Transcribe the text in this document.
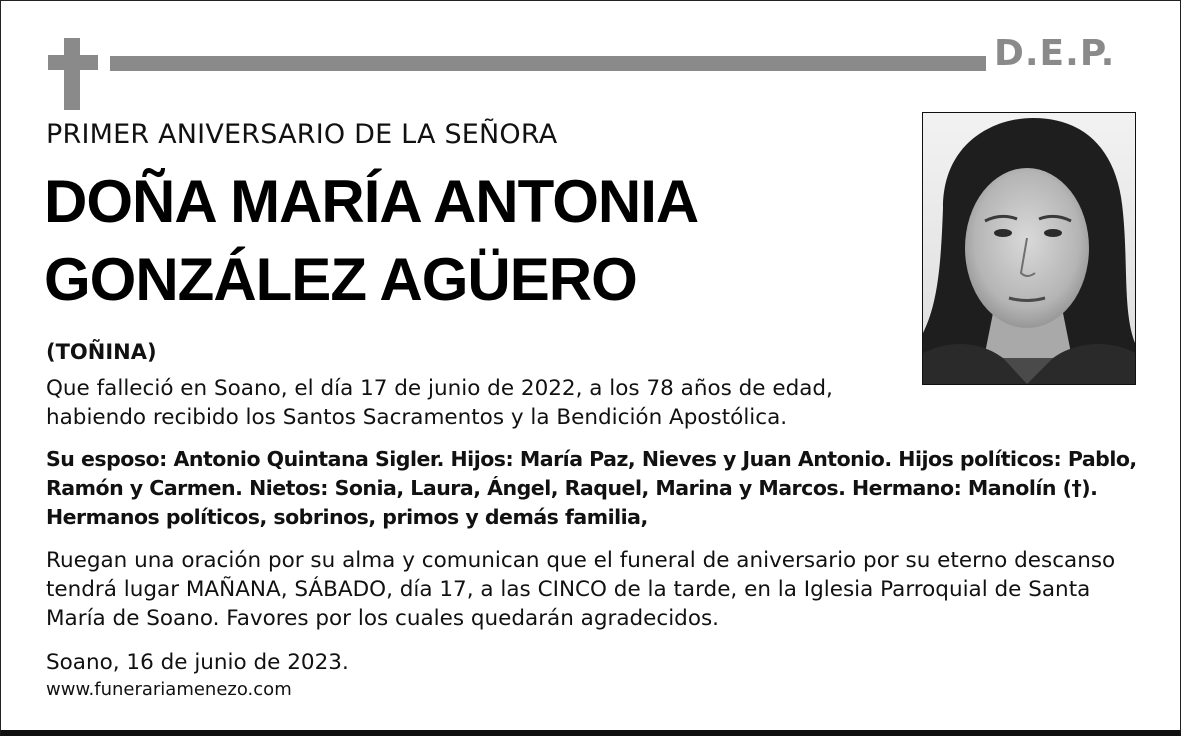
D.E.P.
PRIMER ANIVERSARIO DE LA SEÑORA
DOÑA MARÍA ANTONIA
GONZÁLEZ AGÜERO
(TOÑINA)
Que falleció en Soano, el día 17 de junio de 2022, a los 78 años de edad,
habiendo recibido los Santos Sacramentos y la Bendición Apostólica.
Su esposo: Antonio Quintana Sigler. Hijos: María Paz, Nieves y Juan Antonio. Hijos políticos: Pablo,
Ramón y Carmen. Nietos: Sonia, Laura, Ángel, Raquel, Marina y Marcos. Hermano: Manolín (†).
Hermanos políticos, sobrinos, primos y demás familia,
Ruegan una oración por su alma y comunican que el funeral de aniversario por su eterno descanso
tendrá lugar MAÑANA, SÁBADO, día 17, a las CINCO de la tarde, en la Iglesia Parroquial de Santa
María de Soano. Favores por los cuales quedarán agradecidos.
Soano, 16 de junio de 2023.
www.funerariamenezo.com
